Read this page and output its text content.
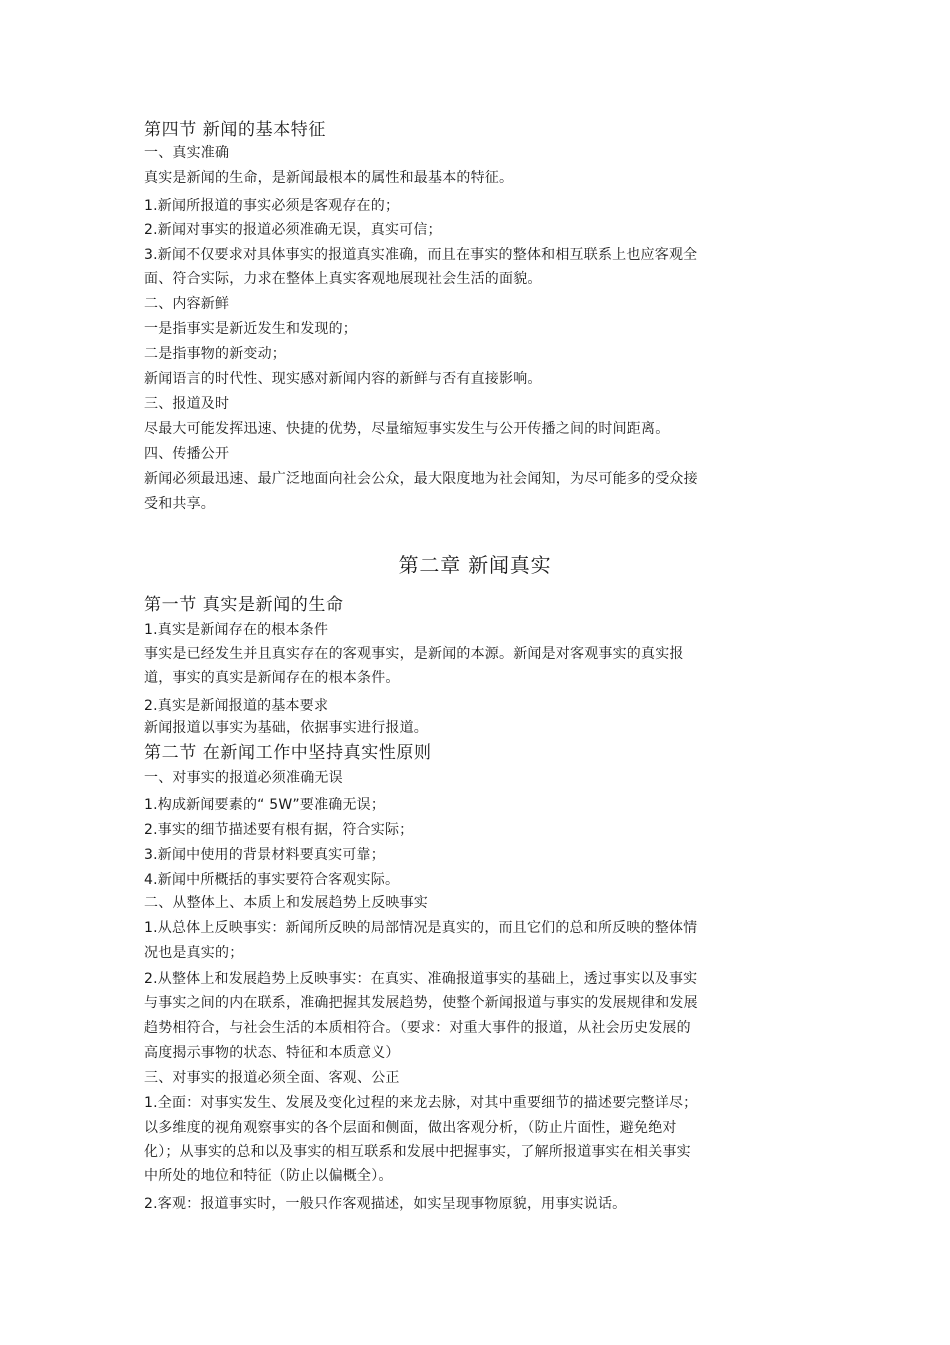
第四节 新闻的基本特征
一、真实准确
真实是新闻的生命，是新闻最根本的属性和最基本的特征。
1.新闻所报道的事实必须是客观存在的；
2.新闻对事实的报道必须准确无误，真实可信；
3.新闻不仅要求对具体事实的报道真实准确，而且在事实的整体和相互联系上也应客观全
面、符合实际，力求在整体上真实客观地展现社会生活的面貌。
二、内容新鲜
一是指事实是新近发生和发现的；
二是指事物的新变动；
新闻语言的时代性、现实感对新闻内容的新鲜与否有直接影响。
三、报道及时
尽最大可能发挥迅速、快捷的优势，尽量缩短事实发生与公开传播之间的时间距离。
四、传播公开
新闻必须最迅速、最广泛地面向社会公众，最大限度地为社会闻知，为尽可能多的受众接
受和共享。
第二章 新闻真实
第一节 真实是新闻的生命
1.真实是新闻存在的根本条件
事实是已经发生并且真实存在的客观事实，是新闻的本源。新闻是对客观事实的真实报
道，事实的真实是新闻存在的根本条件。
2.真实是新闻报道的基本要求
新闻报道以事实为基础，依据事实进行报道。
第二节 在新闻工作中坚持真实性原则
一、对事实的报道必须准确无误
1.构成新闻要素的“ 5W”要准确无误；
2.事实的细节描述要有根有据，符合实际；
3.新闻中使用的背景材料要真实可靠；
4.新闻中所概括的事实要符合客观实际。
二、从整体上、本质上和发展趋势上反映事实
1.从总体上反映事实：新闻所反映的局部情况是真实的，而且它们的总和所反映的整体情
况也是真实的；
2.从整体上和发展趋势上反映事实：在真实、准确报道事实的基础上，透过事实以及事实
与事实之间的内在联系，准确把握其发展趋势，使整个新闻报道与事实的发展规律和发展
趋势相符合，与社会生活的本质相符合。（要求：对重大事件的报道，从社会历史发展的
高度揭示事物的状态、特征和本质意义）
三、对事实的报道必须全面、客观、公正
1.全面：对事实发生、发展及变化过程的来龙去脉，对其中重要细节的描述要完整详尽；
以多维度的视角观察事实的各个层面和侧面，做出客观分析，（防止片面性，避免绝对
化）；从事实的总和以及事实的相互联系和发展中把握事实，了解所报道事实在相关事实
中所处的地位和特征（防止以偏概全）。
2.客观：报道事实时，一般只作客观描述，如实呈现事物原貌，用事实说话。
